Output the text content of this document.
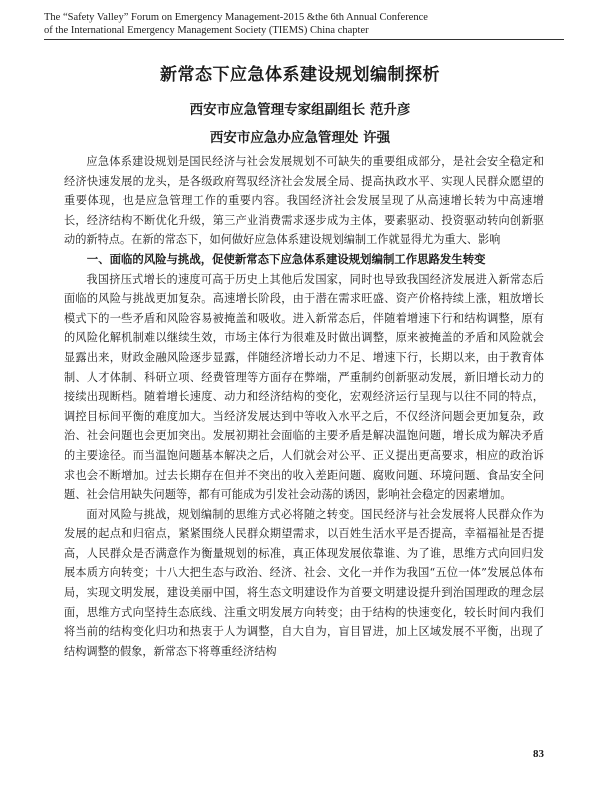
The “Safety Valley” Forum on Emergency Management-2015 &the 6th Annual Conference
of the International Emergency Management Society (TIEMS) China chapter
新常态下应急体系建设规划编制探析
西安市应急管理专家组副组长 范升彦
西安市应急办应急管理处 许强

应急体系建设规划是国民经济与社会发展规划不可缺失的重要组成部分，是社会安全稳定和经济快速发展的龙头，是各级政府驾驭经济社会发展全局、提高执政水平、实现人民群众愿望的重要体现，也是应急管理工作的重要内容。我国经济社会发展呈现了从高速增长转为中高速增长，经济结构不断优化升级，第三产业消费需求逐步成为主体，要素驱动、投资驱动转向创新驱动的新特点。在新的常态下，如何做好应急体系建设规划编制工作就显得尤为重大、影响

一、面临的风险与挑战，促使新常态下应急体系建设规划编制工作思路发生转变

我国挤压式增长的速度可高于历史上其他后发国家，同时也导致我国经济发展进入新常态后面临的风险与挑战更加复杂。高速增长阶段，由于潜在需求旺盛、资产价格持续上涨，粗放增长模式下的一些矛盾和风险容易被掩盖和吸收。进入新常态后，伴随着增速下行和结构调整，原有的风险化解机制难以继续生效，市场主体行为很难及时做出调整，原来被掩盖的矛盾和风险就会显露出来，财政金融风险逐步显露，伴随经济增长动力不足、增速下行，长期以来，由于教育体制、人才体制、科研立项、经费管理等方面存在弊端，严重制约创新驱动发展，新旧增长动力的接续出现断档。随着增长速度、动力和经济结构的变化，宏观经济运行呈现与以往不同的特点，调控目标间平衡的难度加大。当经济发展达到中等收入水平之后，不仅经济问题会更加复杂，政治、社会问题也会更加突出。发展初期社会面临的主要矛盾是解决温饱问题，增长成为解决矛盾的主要途径。而当温饱问题基本解决之后，人们就会对公平、正义提出更高要求，相应的政治诉求也会不断增加。过去长期存在但并不突出的收入差距问题、腐败问题、环境问题、食品安全问题、社会信用缺失问题等，都有可能成为引发社会动荡的诱因，影响社会稳定的因素增加。

面对风险与挑战，规划编制的思维方式必将随之转变。国民经济与社会发展将人民群众作为发展的起点和归宿点，紧紧围绕人民群众期望需求，以百姓生活水平是否提高，幸福福祉是否提高，人民群众是否满意作为衡量规划的标准，真正体现发展依靠谁、为了谁，思维方式向回归发展本质方向转变；十八大把生态与政治、经济、社会、文化一并作为我国“五位一体”发展总体布局，实现文明发展，建设美丽中国，将生态文明建设作为首要文明建设提升到治国理政的理念层面，思维方式向坚持生态底线、注重文明发展方向转变；由于结构的快速变化，较长时间内我们将当前的结构变化归功和热衷于人为调整，自大自为，盲目冒进，加上区域发展不平衡，出现了结构调整的假象，新常态下将尊重经济结构

83
